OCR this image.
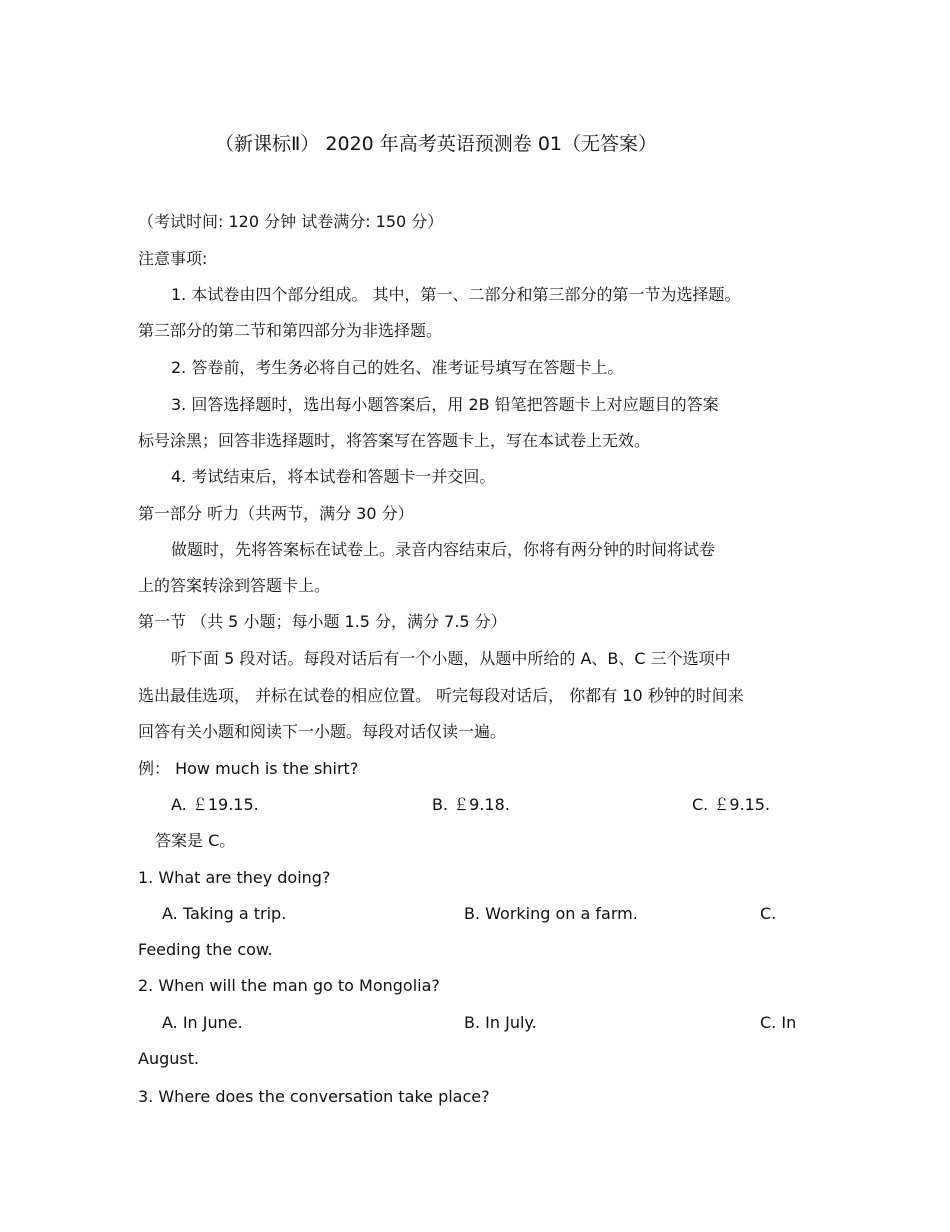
（新课标Ⅱ） 2020 年高考英语预测卷 01（无答案）
（考试时间: 120 分钟 试卷满分: 150 分）
注意事项:
1. 本试卷由四个部分组成。 其中，第一、二部分和第三部分的第一节为选择题。
第三部分的第二节和第四部分为非选择题。
2. 答卷前，考生务必将自己的姓名、准考证号填写在答题卡上。
3. 回答选择题时，选出每小题答案后，用 2B 铅笔把答题卡上对应题目的答案
标号涂黑；回答非选择题时，将答案写在答题卡上，写在本试卷上无效。
4. 考试结束后，将本试卷和答题卡一并交回。
第一部分 听力（共两节，满分 30 分）
做题时，先将答案标在试卷上。录音内容结束后，你将有两分钟的时间将试卷
上的答案转涂到答题卡上。
第一节 （共 5 小题；每小题 1.5 分，满分 7.5 分）
听下面 5 段对话。每段对话后有一个小题，从题中所给的 A、B、C 三个选项中
选出最佳选项， 并标在试卷的相应位置。 听完每段对话后， 你都有 10 秒钟的时间来
回答有关小题和阅读下一小题。每段对话仅读一遍。
例： How much is the shirt?
A. ￡19.15.	B. ￡9.18.	C. ￡9.15.
答案是 C。
1. What are they doing?
A. Taking a trip.	B. Working on a farm.	C.
Feeding the cow.
2. When will the man go to Mongolia?
A. In June.	B. In July.	C. In
August.
3. Where does the conversation take place?
